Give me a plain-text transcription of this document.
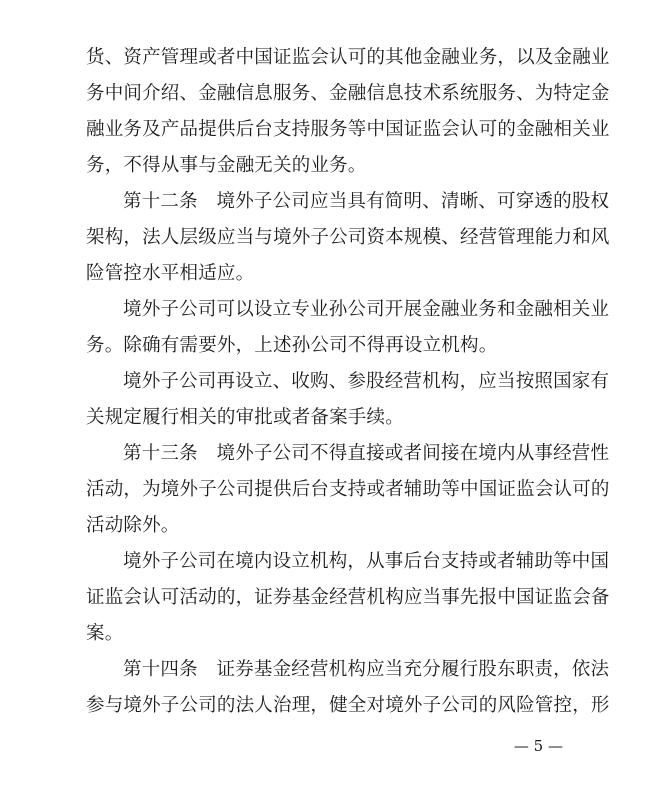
货、资产管理或者中国证监会认可的其他金融业务，以及金融业
务中间介绍、金融信息服务、金融信息技术系统服务、为特定金
融业务及产品提供后台支持服务等中国证监会认可的金融相关业
务，不得从事与金融无关的业务。
第十二条　境外子公司应当具有简明、清晰、可穿透的股权
架构，法人层级应当与境外子公司资本规模、经营管理能力和风
险管控水平相适应。
境外子公司可以设立专业孙公司开展金融业务和金融相关业
务。除确有需要外，上述孙公司不得再设立机构。
境外子公司再设立、收购、参股经营机构，应当按照国家有
关规定履行相关的审批或者备案手续。
第十三条　境外子公司不得直接或者间接在境内从事经营性
活动，为境外子公司提供后台支持或者辅助等中国证监会认可的
活动除外。
境外子公司在境内设立机构，从事后台支持或者辅助等中国
证监会认可活动的，证券基金经营机构应当事先报中国证监会备
案。
第十四条　证券基金经营机构应当充分履行股东职责，依法
参与境外子公司的法人治理，健全对境外子公司的风险管控，形
— 5 —
